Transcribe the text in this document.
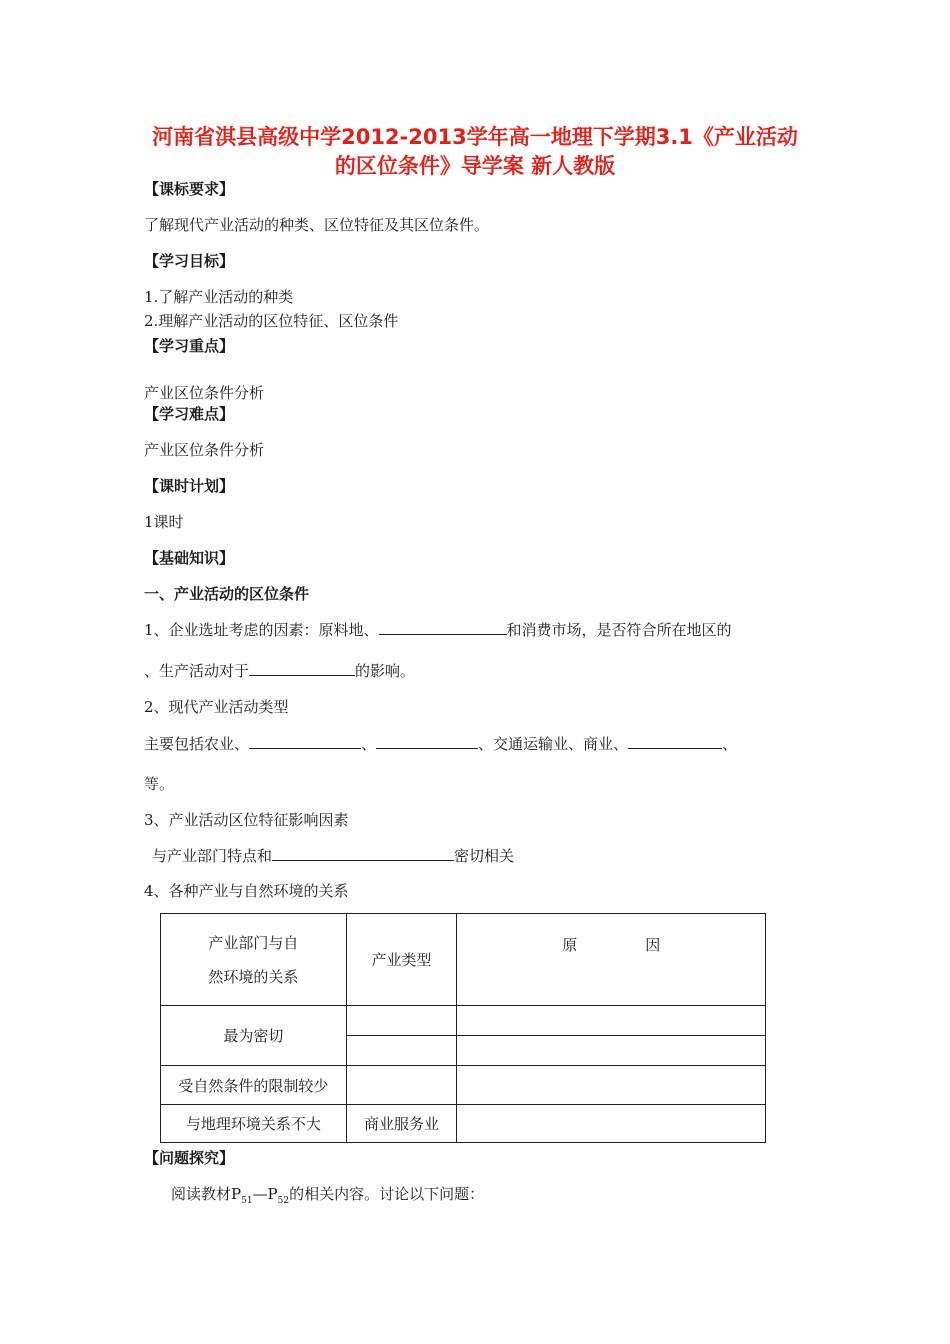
河南省淇县高级中学2012-2013学年高一地理下学期3.1《产业活动
的区位条件》导学案 新人教版
【课标要求】
了解现代产业活动的种类、区位特征及其区位条件。
【学习目标】
1.了解产业活动的种类
2.理解产业活动的区位特征、区位条件
【学习重点】
产业区位条件分析
【学习难点】
产业区位条件分析
【课时计划】
1课时
【基础知识】
一、产业活动的区位条件
1、企业选址考虑的因素：原料地、	和消费市场，是否符合所在地区的
、生产活动对于	的影响。
2、现代产业活动类型
主要包括农业、	、	、交通运输业、商业、	、
等。
3、产业活动区位特征影响因素
与产业部门特点和	密切相关
4、各种产业与自然环境的关系
产业部门与自
然环境的关系	产业类型	原 因
最为密切		

受自然条件的限制较少		
与地理环境关系不大	商业服务业	
【问题探究】
阅读教材$P_{51}—P_{52}$的相关内容。讨论以下问题：
